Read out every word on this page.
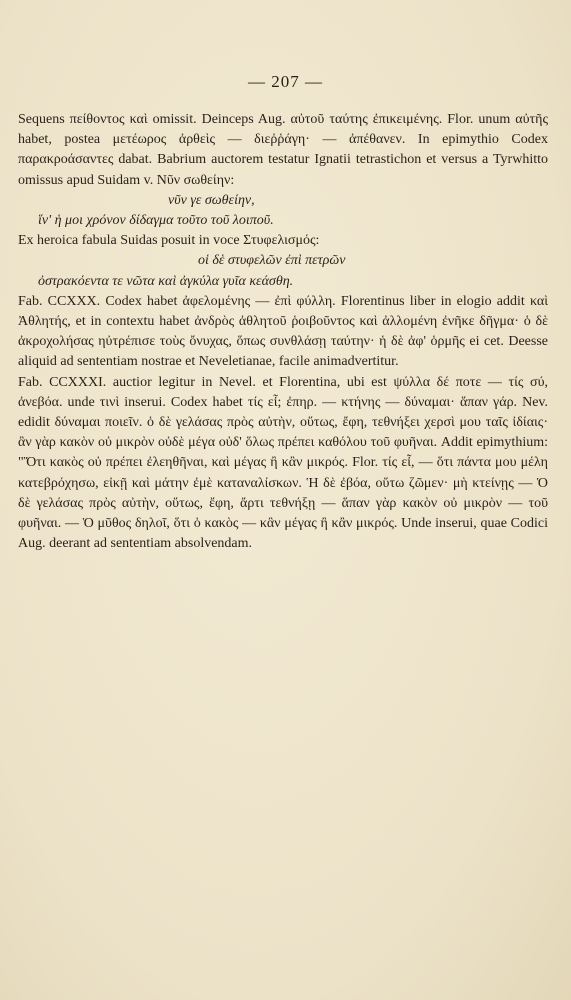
— 207 —

Sequens πείθοντος καὶ omissit. Deinceps Aug. αὐτοῦ ταύτης ἐπικειμένης. Flor. unum αὐτῆς habet, postea μετέωρος ἀρθεὶς — διεῤῥάγη· — ἀπέθανεν. In epimythio Codex παρακροάσαντες dabat. Babrium auctorem testatur Ignatii tetrastichon et versus a Tyrwhitto omissus apud Suidam v. Νῦν σωθείην:

νῦν γε σωθείην,

ἵν' ἡ μοι χρόνον δίδαγμα τοῦτο τοῦ λοιποῦ.

Ex heroica fabula Suidas posuit in voce Στυφελισμός:

οἱ δὲ στυφελῶν ἐπὶ πετρῶν

ὀστρακόεντα τε νῶτα καὶ ἀγκύλα γυῖα κεάσθη.

Fab. CCXXX. Codex habet ἀφελομένης — ἐπὶ φύλλη. Florentinus liber in elogio addit καὶ Ἀθλητής, et in contextu habet ἀνδρὸς ἀθλητοῦ ῥοιβοῦντος καὶ ἀλλομένη ἐνῆκε δῆγμα· ὁ δὲ ἀκροχολήσας ηὐτρέπισε τοὺς ὄνυχας, ὅπως συνθλάσῃ ταύτην· ἡ δὲ ἀφ' ὁρμῆς ei cet. Deesse aliquid ad sententiam nostrae et Neveletianae, facile animadvertitur.

Fab. CCXXXI. auctior legitur in Nevel. et Florentina, ubi est ψύλλα δέ ποτε — τίς σύ, ἀνεβόα. unde τινὶ inserui. Codex habet τίς εἶ; ἐπηρ. — κτήνης — δύναμαι· ἅπαν γάρ. Nev. edidit δύναμαι ποιεῖν. ὁ δὲ γελάσας πρὸς αὐτὴν, οὕτως, ἔφη, τεθνήξει χερσὶ μου ταῖς ἰδίαις· ἂν γὰρ κακὸν οὐ μικρὸν οὐδὲ μέγα οὐδ' ὅλως πρέπει καθόλου τοῦ φυῆναι. Addit epimythium: "Ὅτι κακὸς οὐ πρέπει ἐλεηθῆναι, καὶ μέγας ἢ κἂν μικρός. Flor. τίς εἶ, — ὅτι πάντα μου μέλη κατεβρόχησω, εἰκῇ καὶ μάτην ἐμὲ καταναλίσκων. Ἡ δὲ ἐβόα, οὕτω ζῶμεν· μὴ κτείνῃς — Ὁ δὲ γελάσας πρὸς αὐτὴν, οὕτως, ἔφη, ἄρτι τεθνήξῃ — ἅπαν γὰρ κακὸν οὐ μικρὸν — τοῦ φυῆναι. — Ὁ μῦθος δηλοῖ, ὅτι ὁ κακὸς — κἂν μέγας ἢ κἂν μικρός. Unde inserui, quae Codici Aug. deerant ad sententiam absolvendam.
